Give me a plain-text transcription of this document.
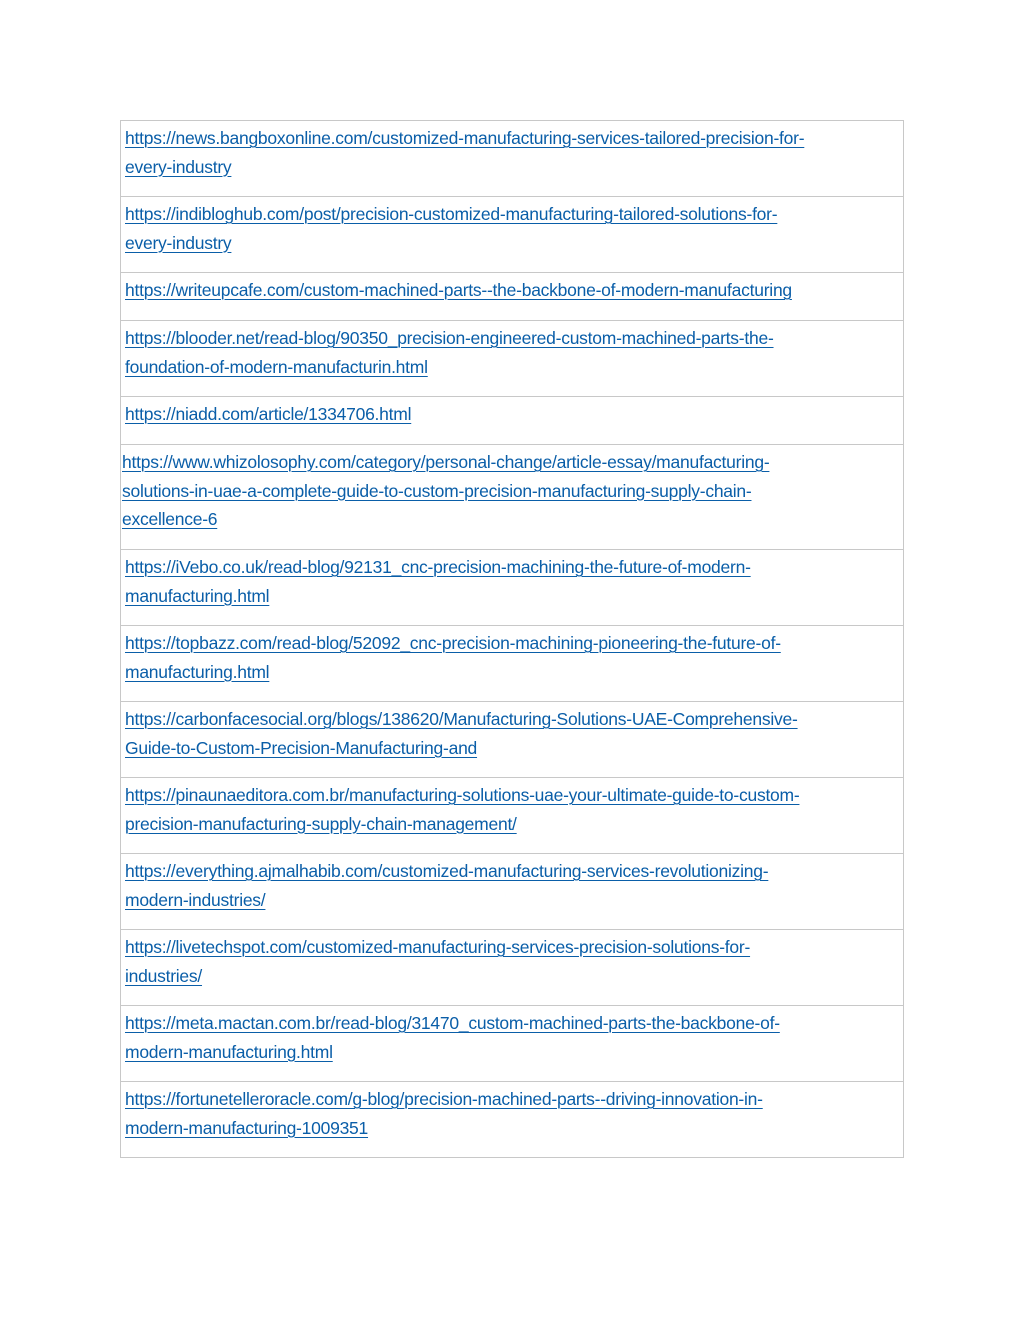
https://news.bangboxonline.com/customized-manufacturing-services-tailored-precision-for-
every-industry

https://indibloghub.com/post/precision-customized-manufacturing-tailored-solutions-for-
every-industry

https://writeupcafe.com/custom-machined-parts--the-backbone-of-modern-manufacturing

https://blooder.net/read-blog/90350_precision-engineered-custom-machined-parts-the-
foundation-of-modern-manufacturin.html

https://niadd.com/article/1334706.html

https://www.whizolosophy.com/category/personal-change/article-essay/manufacturing-
solutions-in-uae-a-complete-guide-to-custom-precision-manufacturing-supply-chain-
excellence-6

https://iVebo.co.uk/read-blog/92131_cnc-precision-machining-the-future-of-modern-
manufacturing.html

https://topbazz.com/read-blog/52092_cnc-precision-machining-pioneering-the-future-of-
manufacturing.html

https://carbonfacesocial.org/blogs/138620/Manufacturing-Solutions-UAE-Comprehensive-
Guide-to-Custom-Precision-Manufacturing-and

https://pinaunaeditora.com.br/manufacturing-solutions-uae-your-ultimate-guide-to-custom-
precision-manufacturing-supply-chain-management/

https://everything.ajmalhabib.com/customized-manufacturing-services-revolutionizing-
modern-industries/

https://livetechspot.com/customized-manufacturing-services-precision-solutions-for-
industries/

https://meta.mactan.com.br/read-blog/31470_custom-machined-parts-the-backbone-of-
modern-manufacturing.html

https://fortunetelleroracle.com/g-blog/precision-machined-parts--driving-innovation-in-
modern-manufacturing-1009351
